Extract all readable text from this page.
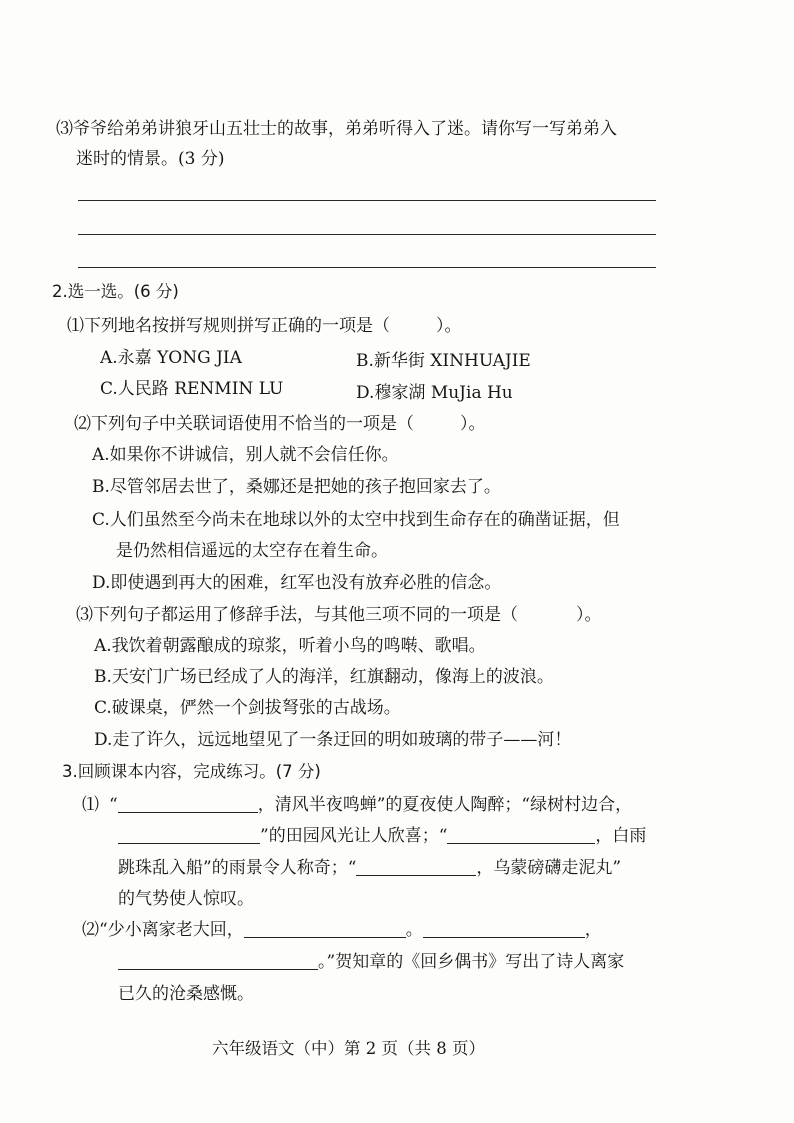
⑶爷爷给弟弟讲狼牙山五壮士的故事，弟弟听得入了迷。请你写一写弟弟入
迷时的情景。(3 分)
2.选一选。(6 分)
⑴下列地名按拼写规则拼写正确的一项是（	）。
A.永嘉 YONG JIA	B.新华街 XINHUAJIE
C.人民路 RENMIN LU	D.穆家湖 MuJia Hu
⑵下列句子中关联词语使用不恰当的一项是（	）。
A.如果你不讲诚信，别人就不会信任你。
B.尽管邻居去世了，桑娜还是把她的孩子抱回家去了。
C.人们虽然至今尚未在地球以外的太空中找到生命存在的确凿证据，但
是仍然相信遥远的太空存在着生命。
D.即使遇到再大的困难，红军也没有放弃必胜的信念。
⑶下列句子都运用了修辞手法，与其他三项不同的一项是（	）。
A.我饮着朝露酿成的琼浆，听着小鸟的鸣啭、歌唱。
B.天安门广场已经成了人的海洋，红旗翻动，像海上的波浪。
C.破课桌，俨然一个剑拔弩张的古战场。
D.走了许久，远远地望见了一条迂回的明如玻璃的带子——河！
3.回顾课本内容，完成练习。(7 分)
⑴ “	，清风半夜鸣蝉”的夏夜使人陶醉；“绿树村边合，
”的田园风光让人欣喜；“	，白雨
跳珠乱入船”的雨景令人称奇；“	，乌蒙磅礴走泥丸”
的气势使人惊叹。
⑵“少小离家老大回，	。	，
。”贺知章的《回乡偶书》写出了诗人离家
已久的沧桑感慨。
六年级语文（中）第 2 页（共 8 页）
